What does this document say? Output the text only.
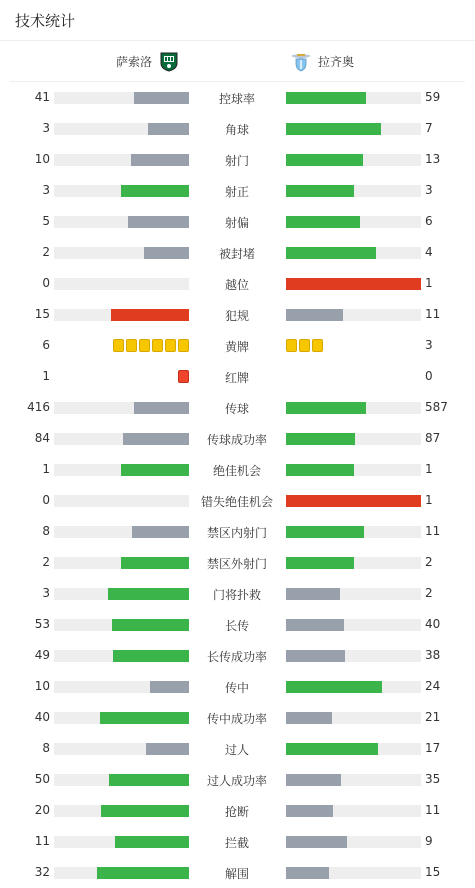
技术统计
萨索洛	拉齐奥
41	控球率	59
3	角球	7
10	射门	13
3	射正	3
5	射偏	6
2	被封堵	4
0	越位	1
15	犯规	11
6	黄牌	3
1	红牌	0
416	传球	587
84	传球成功率	87
1	绝佳机会	1
0	错失绝佳机会	1
8	禁区内射门	11
2	禁区外射门	2
3	门将扑救	2
53	长传	40
49	长传成功率	38
10	传中	24
40	传中成功率	21
8	过人	17
50	过人成功率	35
20	抢断	11
11	拦截	9
32	解围	15
